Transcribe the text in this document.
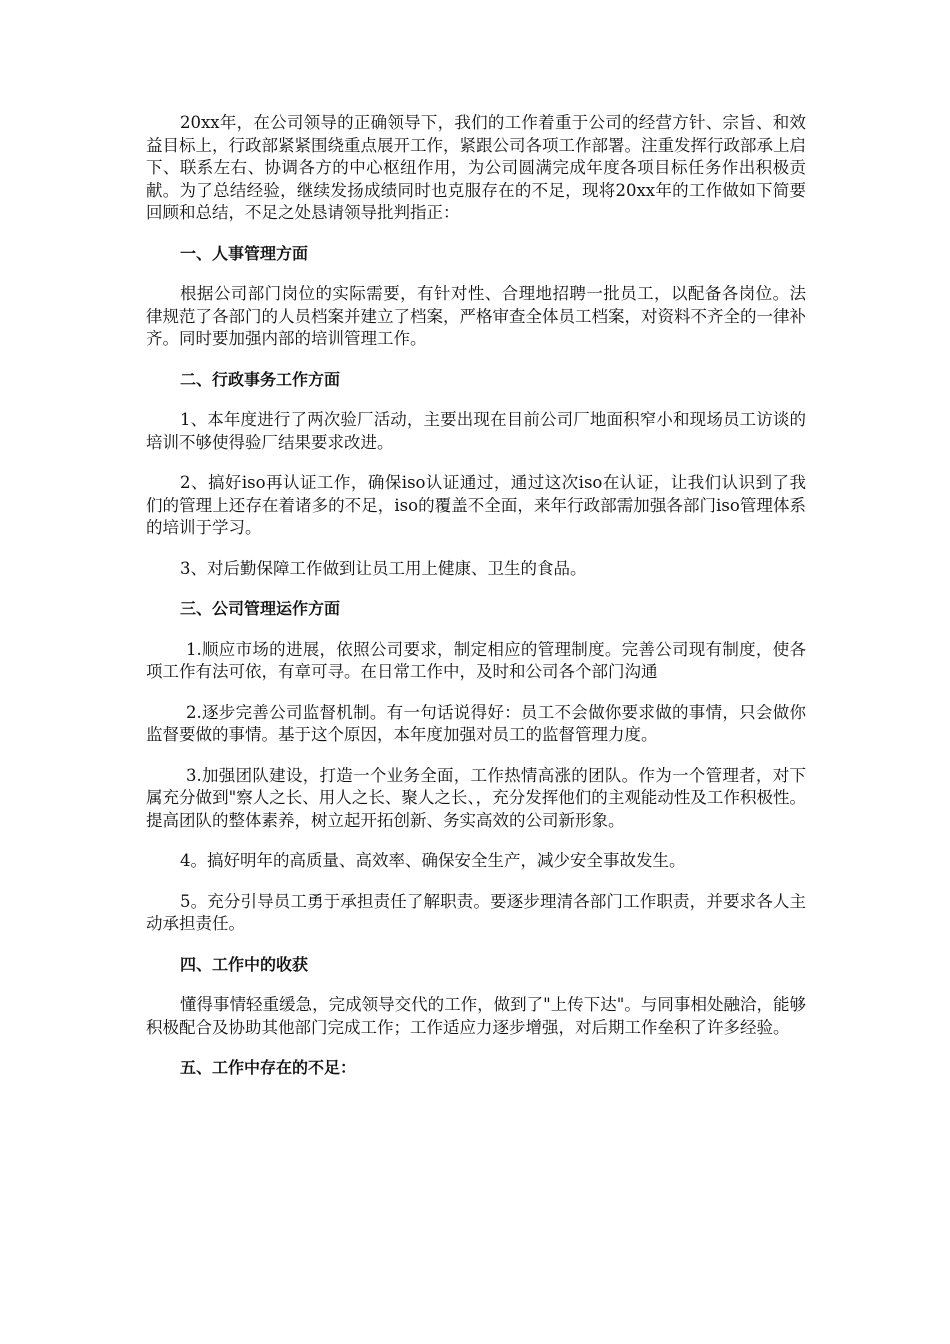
20xx年，在公司领导的正确领导下，我们的工作着重于公司的经营方针、宗旨、和效益目标上，行政部紧紧围绕重点展开工作，紧跟公司各项工作部署。注重发挥行政部承上启下、联系左右、协调各方的中心枢纽作用，为公司圆满完成年度各项目标任务作出积极贡献。为了总结经验，继续发扬成绩同时也克服存在的不足，现将20xx年的工作做如下简要回顾和总结，不足之处恳请领导批判指正：

一、人事管理方面

根据公司部门岗位的实际需要，有针对性、合理地招聘一批员工，以配备各岗位。法律规范了各部门的人员档案并建立了档案，严格审查全体员工档案，对资料不齐全的一律补齐。同时要加强内部的培训管理工作。

二、行政事务工作方面

1、本年度进行了两次验厂活动，主要出现在目前公司厂地面积窄小和现场员工访谈的培训不够使得验厂结果要求改进。

2、搞好iso再认证工作，确保iso认证通过，通过这次iso在认证，让我们认识到了我们的管理上还存在着诸多的不足，iso的覆盖不全面，来年行政部需加强各部门iso管理体系的培训于学习。

3、对后勤保障工作做到让员工用上健康、卫生的食品。

三、公司管理运作方面

1.顺应市场的进展，依照公司要求，制定相应的管理制度。完善公司现有制度，使各项工作有法可依，有章可寻。在日常工作中，及时和公司各个部门沟通

2.逐步完善公司监督机制。有一句话说得好：员工不会做你要求做的事情，只会做你监督要做的事情。基于这个原因，本年度加强对员工的监督管理力度。

3.加强团队建设，打造一个业务全面，工作热情高涨的团队。作为一个管理者，对下属充分做到"察人之长、用人之长、聚人之长、，充分发挥他们的主观能动性及工作积极性。提高团队的整体素养，树立起开拓创新、务实高效的公司新形象。

4。搞好明年的高质量、高效率、确保安全生产，减少安全事故发生。

5。充分引导员工勇于承担责任了解职责。要逐步理清各部门工作职责，并要求各人主动承担责任。

四、工作中的收获

懂得事情轻重缓急，完成领导交代的工作，做到了"上传下达"。与同事相处融洽，能够积极配合及协助其他部门完成工作；工作适应力逐步增强，对后期工作垒积了许多经验。

五、工作中存在的不足：
